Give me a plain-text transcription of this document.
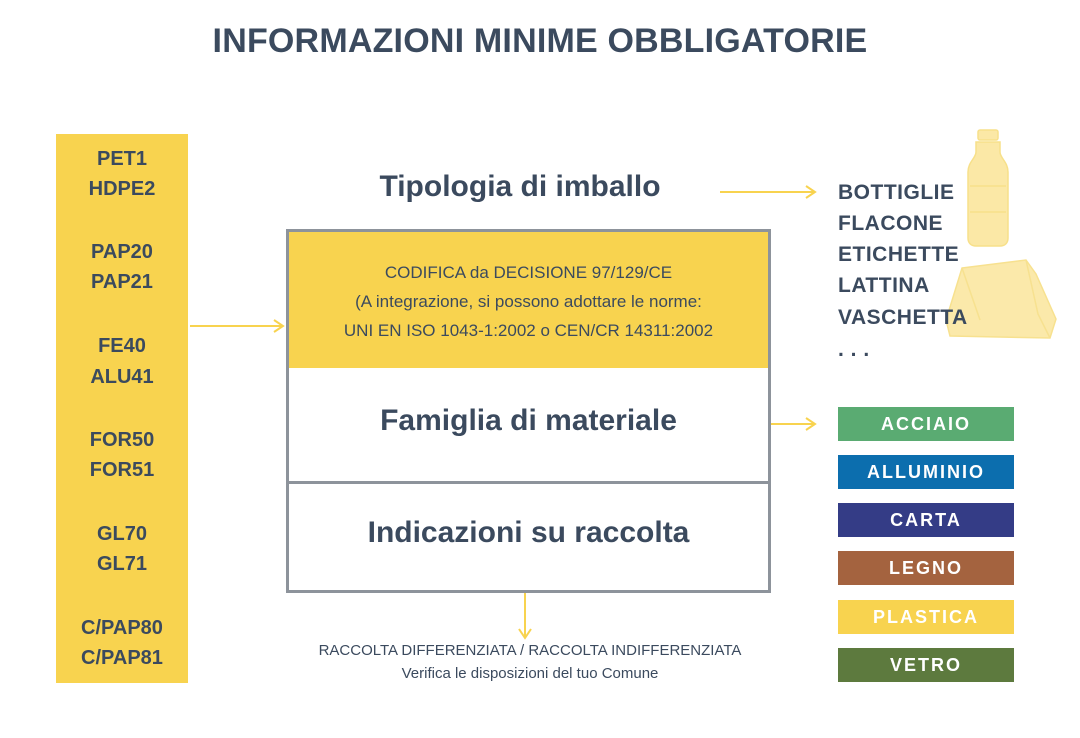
INFORMAZIONI MINIME OBBLIGATORIE
PET1
HDPE2
PAP20
PAP21
FE40
ALU41
FOR50
FOR51
GL70
GL71
C/PAP80
C/PAP81
Tipologia di imballo
CODIFICA da DECISIONE 97/129/CE
(A integrazione, si possono adottare le norme:
UNI EN ISO 1043-1:2002 o CEN/CR 14311:2002
Famiglia di materiale
Indicazioni su raccolta
BOTTIGLIE
FLACONE
ETICHETTE
LATTINA
VASCHETTA
. . .
ACCIAIO
ALLUMINIO
CARTA
LEGNO
PLASTICA
VETRO
RACCOLTA DIFFERENZIATA / RACCOLTA INDIFFERENZIATA
Verifica le disposizioni del tuo Comune
